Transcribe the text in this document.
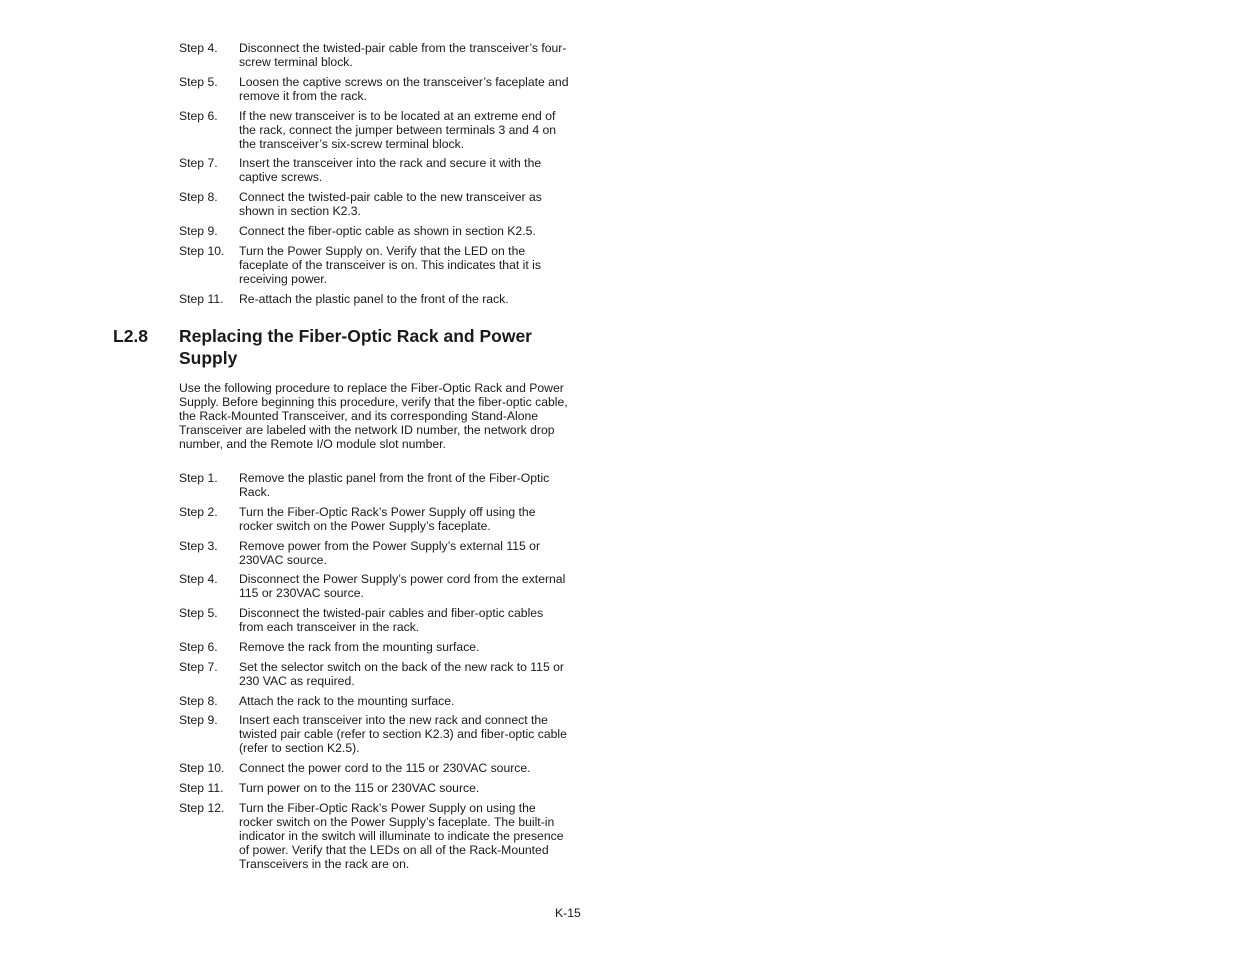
Step 4.	Disconnect the twisted-pair cable from the transceiver’s four-screw terminal block.
Step 5.	Loosen the captive screws on the transceiver’s faceplate and remove it from the rack.
Step 6.	If the new transceiver is to be located at an extreme end of the rack, connect the jumper between terminals 3 and 4 on the transceiver’s six-screw terminal block.
Step 7.	Insert the transceiver into the rack and secure it with the captive screws.
Step 8.	Connect the twisted-pair cable to the new transceiver as shown in section K2.3.
Step 9.	Connect the fiber-optic cable as shown in section K2.5.
Step 10.	Turn the Power Supply on. Verify that the LED on the faceplate of the transceiver is on. This indicates that it is receiving power.
Step 11.	Re-attach the plastic panel to the front of the rack.
L2.8 Replacing the Fiber-Optic Rack and Power Supply
Use the following procedure to replace the Fiber-Optic Rack and Power Supply. Before beginning this procedure, verify that the fiber-optic cable, the Rack-Mounted Transceiver, and its corresponding Stand-Alone Transceiver are labeled with the network ID number, the network drop number, and the Remote I/O module slot number.
Step 1.	Remove the plastic panel from the front of the Fiber-Optic Rack.
Step 2.	Turn the Fiber-Optic Rack’s Power Supply off using the rocker switch on the Power Supply’s faceplate.
Step 3.	Remove power from the Power Supply’s external 115 or 230VAC source.
Step 4.	Disconnect the Power Supply’s power cord from the external 115 or 230VAC source.
Step 5.	Disconnect the twisted-pair cables and fiber-optic cables from each transceiver in the rack.
Step 6.	Remove the rack from the mounting surface.
Step 7.	Set the selector switch on the back of the new rack to 115 or 230 VAC as required.
Step 8.	Attach the rack to the mounting surface.
Step 9.	Insert each transceiver into the new rack and connect the twisted pair cable (refer to section K2.3) and fiber-optic cable (refer to section K2.5).
Step 10.	Connect the power cord to the 115 or 230VAC source.
Step 11.	Turn power on to the 115 or 230VAC source.
Step 12.	Turn the Fiber-Optic Rack’s Power Supply on using the rocker switch on the Power Supply’s faceplate. The built-in indicator in the switch will illuminate to indicate the presence of power. Verify that the LEDs on all of the Rack-Mounted Transceivers in the rack are on.
K-15
